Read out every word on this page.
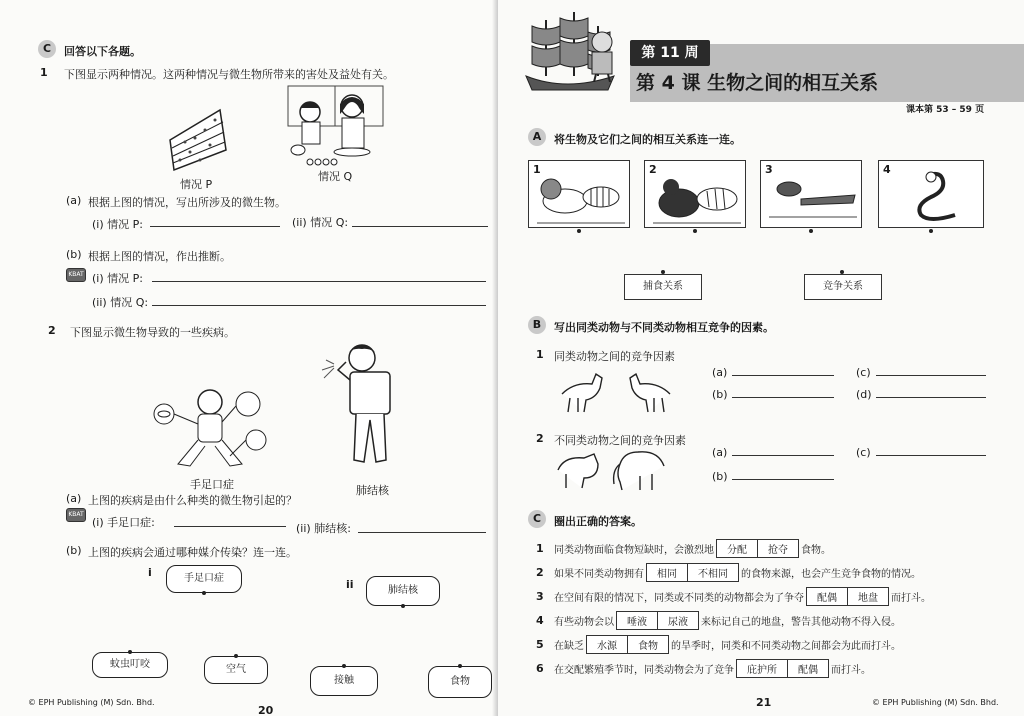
C	回答以下各题。
1 下图显示两种情况。这两种情况与微生物所带来的害处及益处有关。
情况 P
情况 Q
(a) 根据上图的情况，写出所涉及的微生物。
(i) 情况 P:	(ii) 情况 Q:
(b) 根据上图的情况，作出推断。
KBAT (i) 情况 P:
(ii) 情况 Q:
2 下图显示微生物导致的一些疾病。
手足口症	肺结核
(a) 上图的疾病是由什么种类的微生物引起的？
KBAT
(i) 手足口症:	(ii) 肺结核:
(b) 上图的疾病会通过哪种媒介传染？连一连。
i	手足口症	ii	肺结核
蚊虫叮咬	空气
接触	食物
© EPH Publishing (M) Sdn. Bhd.
20
第 11 周
第 4 课 生物之间的相互关系
课本第 53 – 59 页
A	将生物及它们之间的相互关系连一连。
1	2	3	4
捕食关系	竞争关系
B	写出同类动物与不同类动物相互竞争的因素。
1 同类动物之间的竞争因素
(a)	(c)
(b)	(d)
2 不同类动物之间的竞争因素
(a)	(c)
(b)
C	圈出正确的答案。
1	同类动物面临食物短缺时，会激烈地	分配	抢夺	食物。
2	如果不同类动物拥有	相同	不相同	的食物来源，也会产生竞争食物的情况。
3	在空间有限的情况下，同类或不同类的动物都会为了争夺	配偶	地盘	而打斗。
4	有些动物会以	唾液	尿液	来标记自己的地盘，警告其他动物不得入侵。
5	在缺乏	水源	食物	的旱季时，同类和不同类动物之间都会为此而打斗。
6	在交配繁殖季节时，同类动物会为了竞争	庇护所	配偶	而打斗。
21	© EPH Publishing (M) Sdn. Bhd.
